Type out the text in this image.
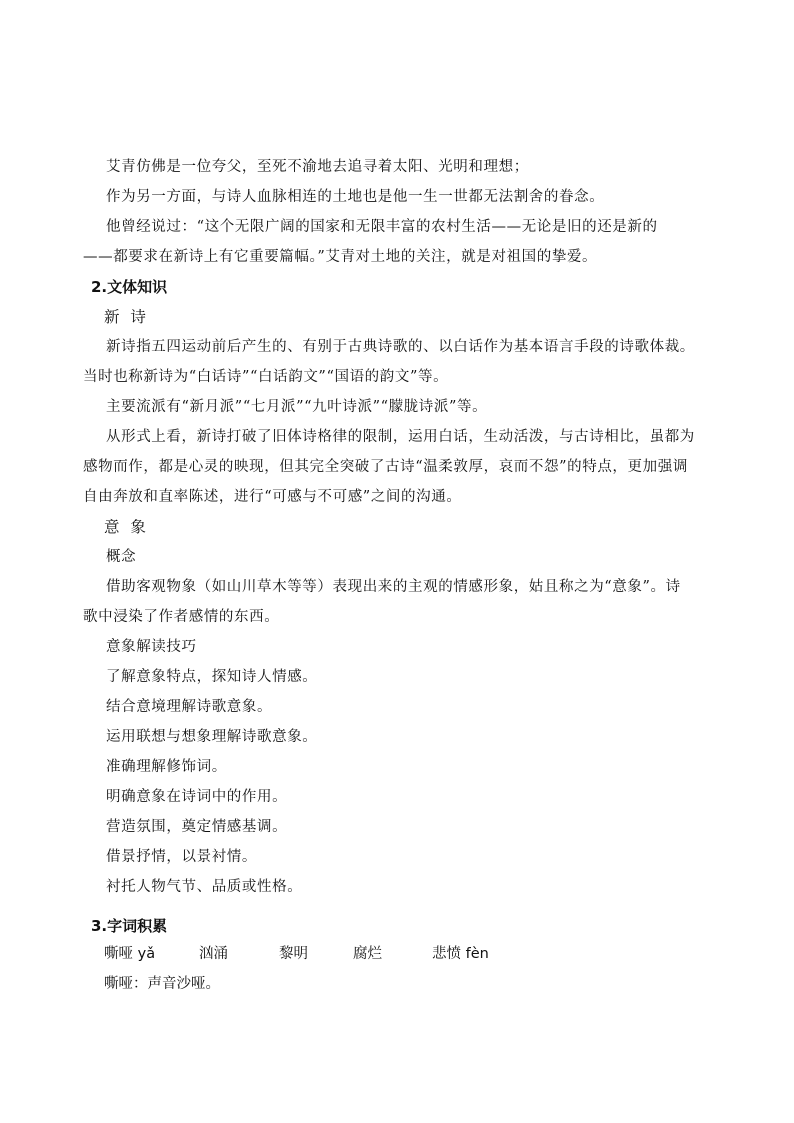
艾青仿佛是一位夸父，至死不渝地去追寻着太阳、光明和理想；
作为另一方面，与诗人血脉相连的土地也是他一生一世都无法割舍的眷念。
他曾经说过：“这个无限广阔的国家和无限丰富的农村生活——无论是旧的还是新的
——都要求在新诗上有它重要篇幅。”艾青对土地的关注，就是对祖国的挚爱。
2.文体知识
新 诗
新诗指五四运动前后产生的、有别于古典诗歌的、以白话作为基本语言手段的诗歌体裁。
当时也称新诗为“白话诗”“白话韵文”“国语的韵文”等。
主要流派有“新月派”“七月派”“九叶诗派”“朦胧诗派”等。
从形式上看，新诗打破了旧体诗格律的限制，运用白话，生动活泼，与古诗相比，虽都为
感物而作，都是心灵的映现，但其完全突破了古诗“温柔敦厚，哀而不怨”的特点，更加强调
自由奔放和直率陈述，进行“可感与不可感”之间的沟通。
意 象
概念
借助客观物象（如山川草木等等）表现出来的主观的情感形象，姑且称之为“意象”。诗
歌中浸染了作者感情的东西。
意象解读技巧
了解意象特点，探知诗人情感。
结合意境理解诗歌意象。
运用联想与想象理解诗歌意象。
准确理解修饰词。
明确意象在诗词中的作用。
营造氛围，奠定情感基调。
借景抒情，以景衬情。
衬托人物气节、品质或性格。
3.字词积累
嘶哑 yǎ	汹涌	黎明	腐烂	悲愤 fèn
嘶哑：声音沙哑。
